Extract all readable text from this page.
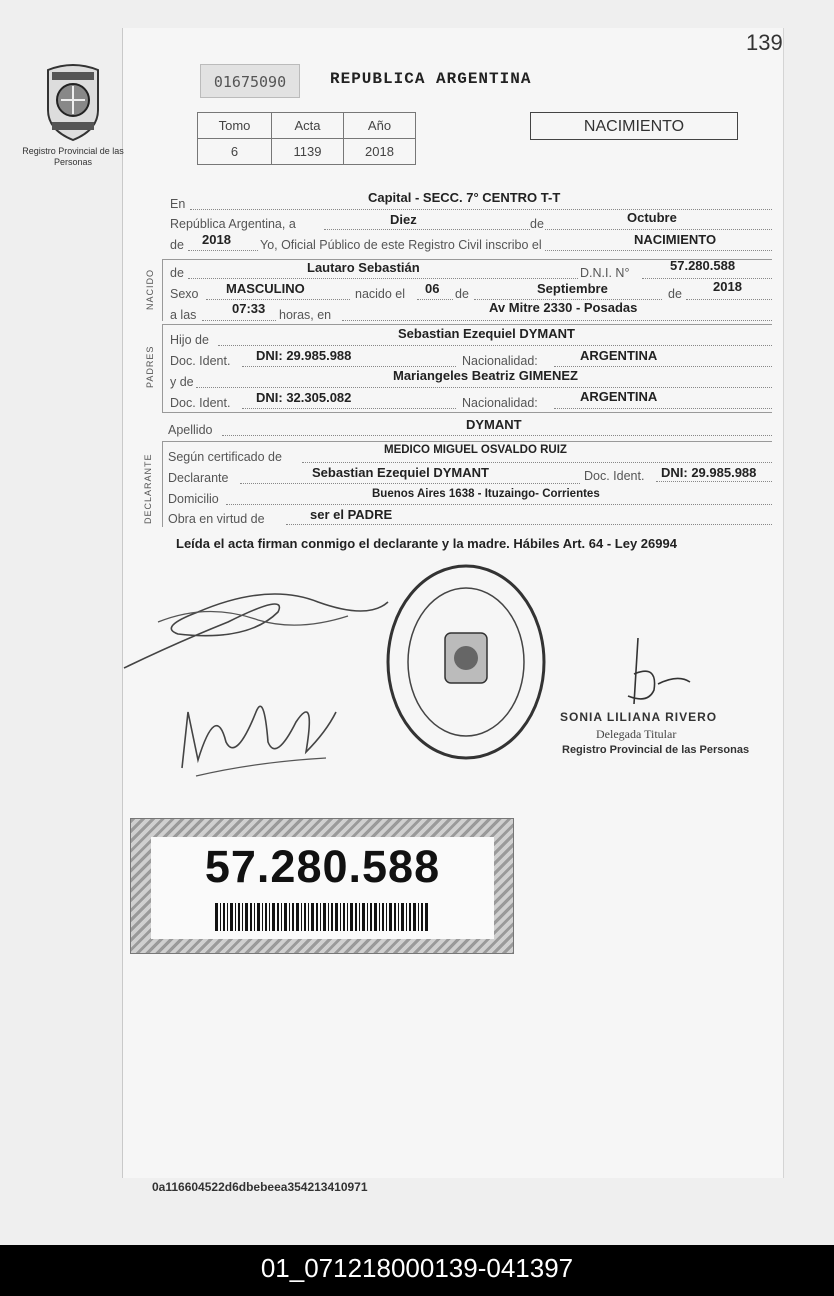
139
Registro Provincial de las Personas
01675090	REPUBLICA ARGENTINA
Tomo	Acta	Año
6	1139	2018
NACIMIENTO
En	Capital - SECC. 7° CENTRO T-T
República Argentina, a	Diez	de	Octubre
de 2018 Yo, Oficial Público de este Registro Civil inscribo el	NACIMIENTO
NACIDO de	Lautaro Sebastián	D.N.I. N°	57.280.588
Sexo MASCULINO	nacido el 06 de	Septiembre	de 2018
a las	07:33 horas, en	Av Mitre 2330 - Posadas
PADRES
Hijo de	Sebastian Ezequiel DYMANT
Doc. Ident. DNI: 29.985.988	Nacionalidad:	ARGENTINA
y de	Mariangeles Beatriz GIMENEZ
Doc. Ident. DNI: 32.305.082	Nacionalidad:	ARGENTINA
Apellido	DYMANT
DECLARANTE Según certificado de	MEDICO MIGUEL OSVALDO RUIZ
Declarante	Sebastian Ezequiel DYMANT	Doc. Ident. DNI: 29.985.988
Domicilio	Buenos Aires 1638 - Ituzaingo- Corrientes
Obra en virtud de	ser el PADRE
Leída el acta firman conmigo el declarante y la madre. Hábiles Art. 64 - Ley 26994
SONIA LILIANA RIVERO
Delegada Titular
Registro Provincial de las Personas
57.280.588
0a116604522d6dbebeea354213410971
01_071218000139-041397
